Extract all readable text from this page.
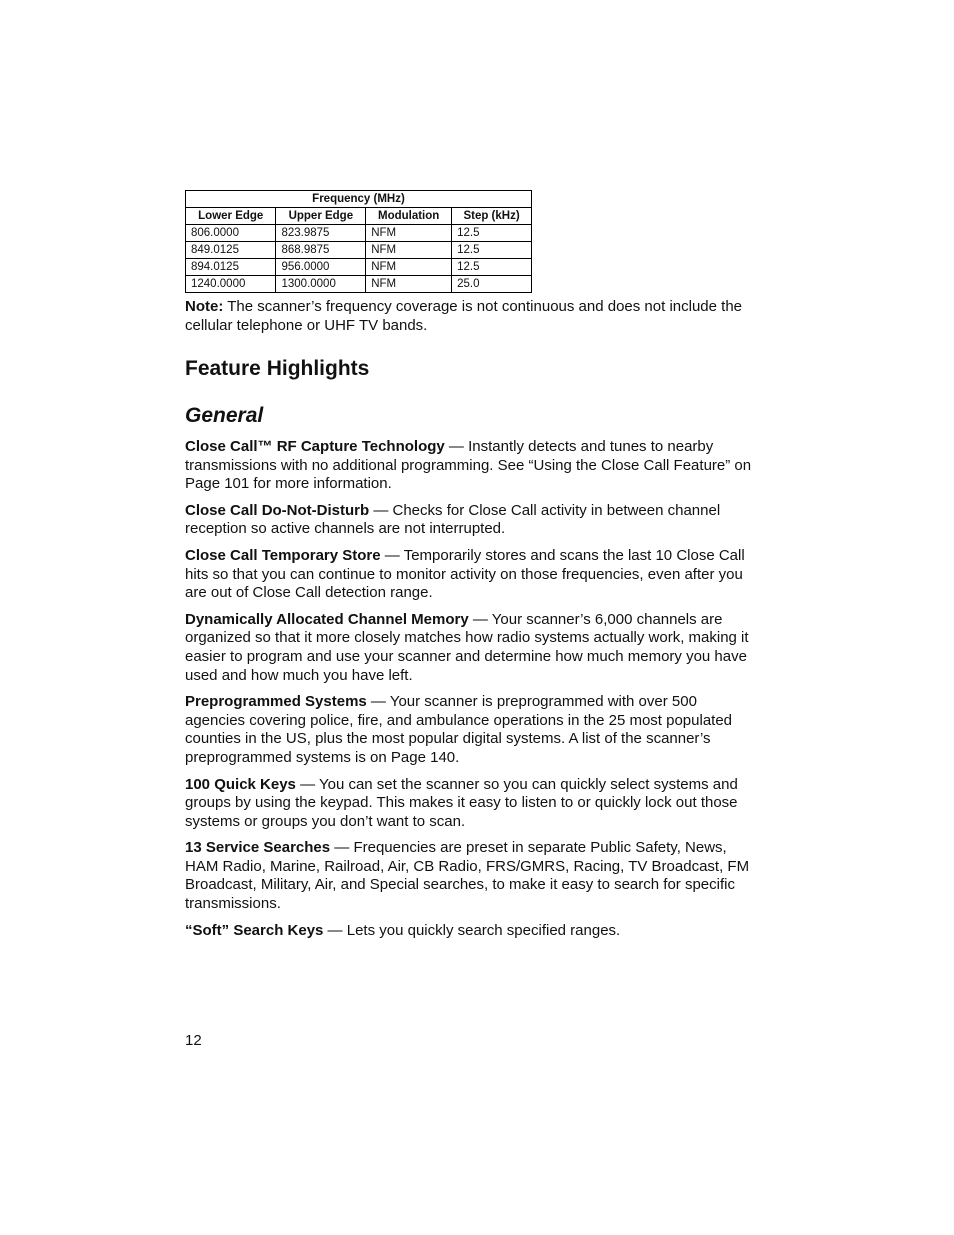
Frequency (MHz)			
Lower Edge	Upper Edge	Modulation	Step (kHz)
806.0000	823.9875	NFM	12.5
849.0125	868.9875	NFM	12.5
894.0125	956.0000	NFM	12.5
1240.0000	1300.0000	NFM	25.0

Note: The scanner’s frequency coverage is not continuous and does not include the cellular telephone or UHF TV bands.

Feature Highlights
General

Close Call™ RF Capture Technology — Instantly detects and tunes to nearby transmissions with no additional programming. See “Using the Close Call Feature” on Page 101 for more information.

Close Call Do-Not-Disturb — Checks for Close Call activity in between channel reception so active channels are not interrupted.

Close Call Temporary Store — Temporarily stores and scans the last 10 Close Call hits so that you can continue to monitor activity on those frequencies, even after you are out of Close Call detection range.

Dynamically Allocated Channel Memory — Your scanner’s 6,000 channels are organized so that it more closely matches how radio systems actually work, making it easier to program and use your scanner and determine how much memory you have used and how much you have left.

Preprogrammed Systems — Your scanner is preprogrammed with over 500 agencies covering police, fire, and ambulance operations in the 25 most populated counties in the US, plus the most popular digital systems. A list of the scanner’s preprogrammed systems is on Page 140.

100 Quick Keys — You can set the scanner so you can quickly select systems and groups by using the keypad. This makes it easy to listen to or quickly lock out those systems or groups you don’t want to scan.

13 Service Searches — Frequencies are preset in separate Public Safety, News, HAM Radio, Marine, Railroad, Air, CB Radio, FRS/GMRS, Racing, TV Broadcast, FM Broadcast, Military, Air, and Special searches, to make it easy to search for specific transmissions.

“Soft” Search Keys — Lets you quickly search specified ranges.

12
